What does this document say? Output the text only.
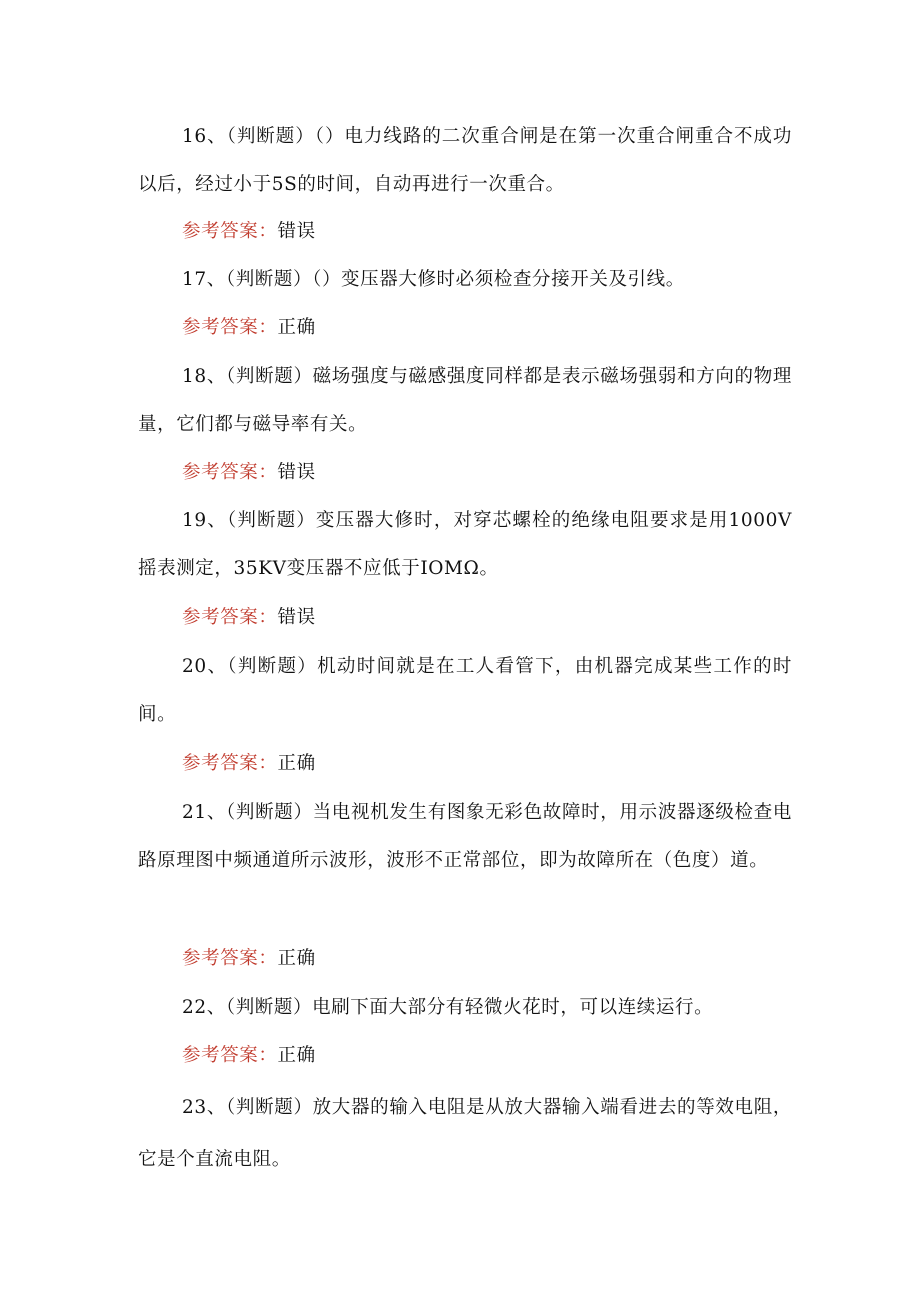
16、（判断题）（）电力线路的二次重合闸是在第一次重合闸重合不成功以后，经过小于5S的时间，自动再进行一次重合。

参考答案：错误

17、（判断题）（）变压器大修时必须检查分接开关及引线。

参考答案：正确

18、（判断题）磁场强度与磁感强度同样都是表示磁场强弱和方向的物理量，它们都与磁导率有关。

参考答案：错误

19、（判断题）变压器大修时，对穿芯螺栓的绝缘电阻要求是用1000V摇表测定，35KV变压器不应低于IOMΩ。

参考答案：错误

20、（判断题）机动时间就是在工人看管下，由机器完成某些工作的时间。

参考答案：正确

21、（判断题）当电视机发生有图象无彩色故障时，用示波器逐级检查电路原理图中频通道所示波形，波形不正常部位，即为故障所在（色度）道。

参考答案：正确

22、（判断题）电刷下面大部分有轻微火花时，可以连续运行。

参考答案：正确

23、（判断题）放大器的输入电阻是从放大器输入端看进去的等效电阻，它是个直流电阻。
